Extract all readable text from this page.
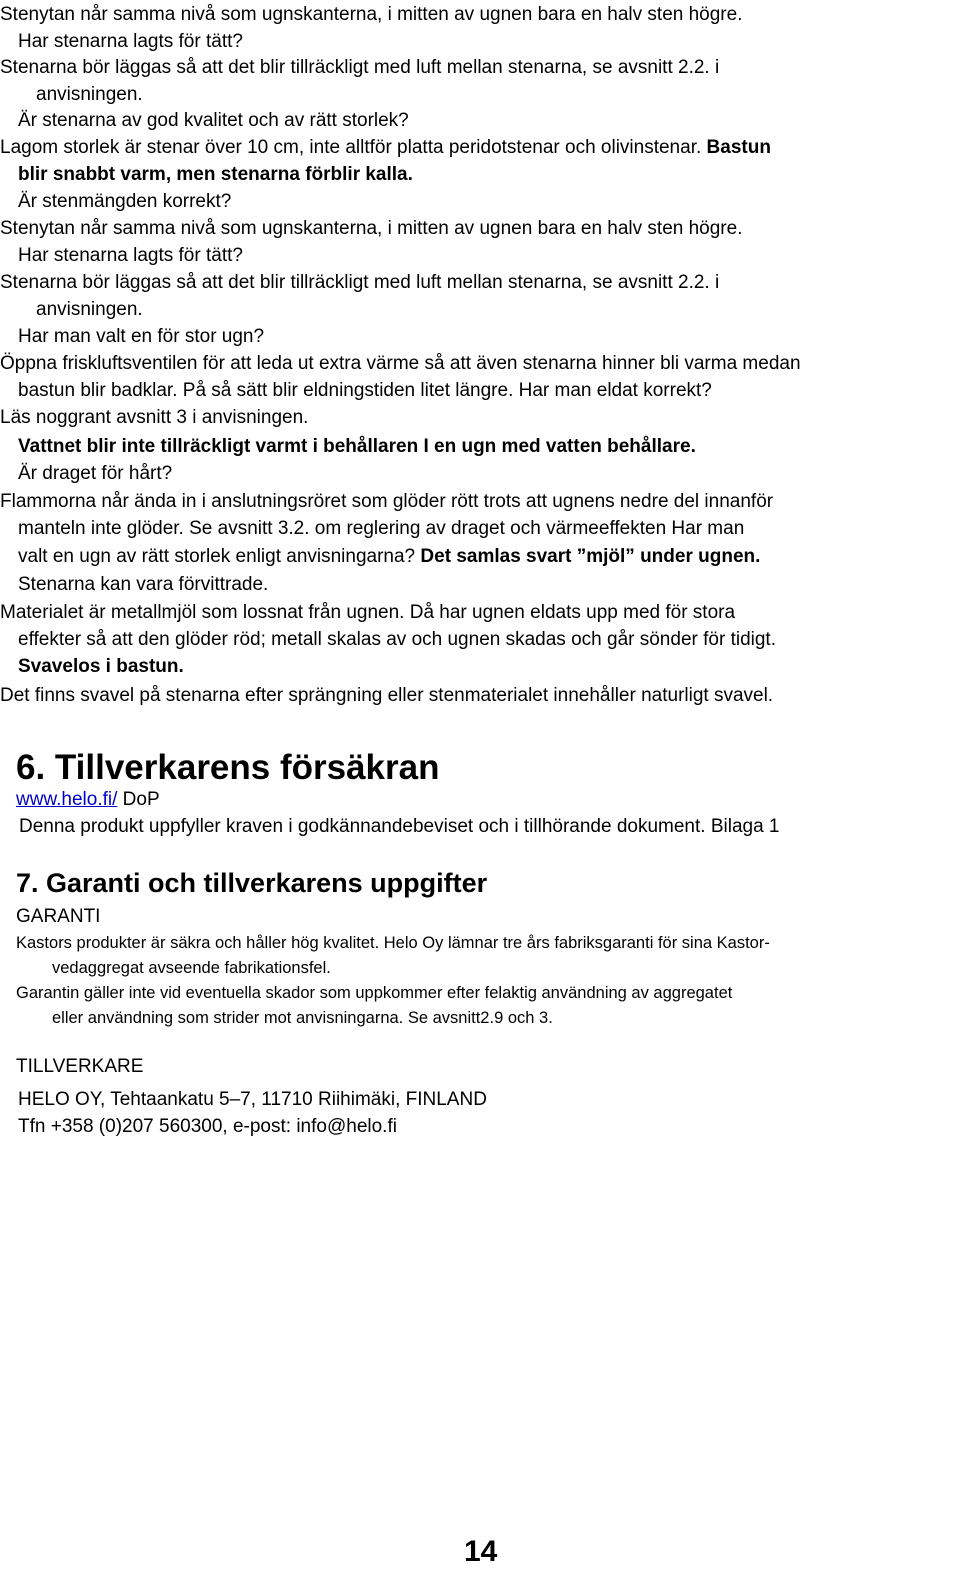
Stenytan når samma nivå som ugnskanterna, i mitten av ugnen bara en halv sten högre.
Har stenarna lagts för tätt?
Stenarna bör läggas så att det blir tillräckligt med luft mellan stenarna, se avsnitt 2.2. i
anvisningen.
Är stenarna av god kvalitet och av rätt storlek?
Lagom storlek är stenar över 10 cm, inte alltför platta peridotstenar och olivinstenar. Bastun
blir snabbt varm, men stenarna förblir kalla.
Är stenmängden korrekt?
Stenytan når samma nivå som ugnskanterna, i mitten av ugnen bara en halv sten högre.
Har stenarna lagts för tätt?
Stenarna bör läggas så att det blir tillräckligt med luft mellan stenarna, se avsnitt 2.2. i
anvisningen.
Har man valt en för stor ugn?
Öppna friskluftsventilen för att leda ut extra värme så att även stenarna hinner bli varma medan
bastun blir badklar. På så sätt blir eldningstiden litet längre. Har man eldat korrekt?
Läs noggrant avsnitt 3 i anvisningen.
Vattnet blir inte tillräckligt varmt i behållaren I en ugn med vatten behållare.
Är draget för hårt?
Flammorna når ända in i anslutningsröret som glöder rött trots att ugnens nedre del innanför
manteln inte glöder. Se avsnitt 3.2. om reglering av draget och värmeeffekten Har man
valt en ugn av rätt storlek enligt anvisningarna? Det samlas svart ”mjöl” under ugnen.
Stenarna kan vara förvittrade.
Materialet är metallmjöl som lossnat från ugnen. Då har ugnen eldats upp med för stora
effekter så att den glöder röd; metall skalas av och ugnen skadas och går sönder för tidigt.
Svavelos i bastun.
Det finns svavel på stenarna efter sprängning eller stenmaterialet innehåller naturligt svavel.
6. Tillverkarens försäkran
www.helo.fi/ DoP
Denna produkt uppfyller kraven i godkännandebeviset och i tillhörande dokument. Bilaga 1
7. Garanti och tillverkarens uppgifter
GARANTI
Kastors produkter är säkra och håller hög kvalitet. Helo Oy lämnar tre års fabriksgaranti för sina Kastor-
vedaggregat avseende fabrikationsfel.
Garantin gäller inte vid eventuella skador som uppkommer efter felaktig användning av aggregatet
eller användning som strider mot anvisningarna. Se avsnitt2.9 och 3.
TILLVERKARE
HELO OY, Tehtaankatu 5–7, 11710 Riihimäki, FINLAND
Tfn +358 (0)207 560300, e-post: info@helo.fi
14
